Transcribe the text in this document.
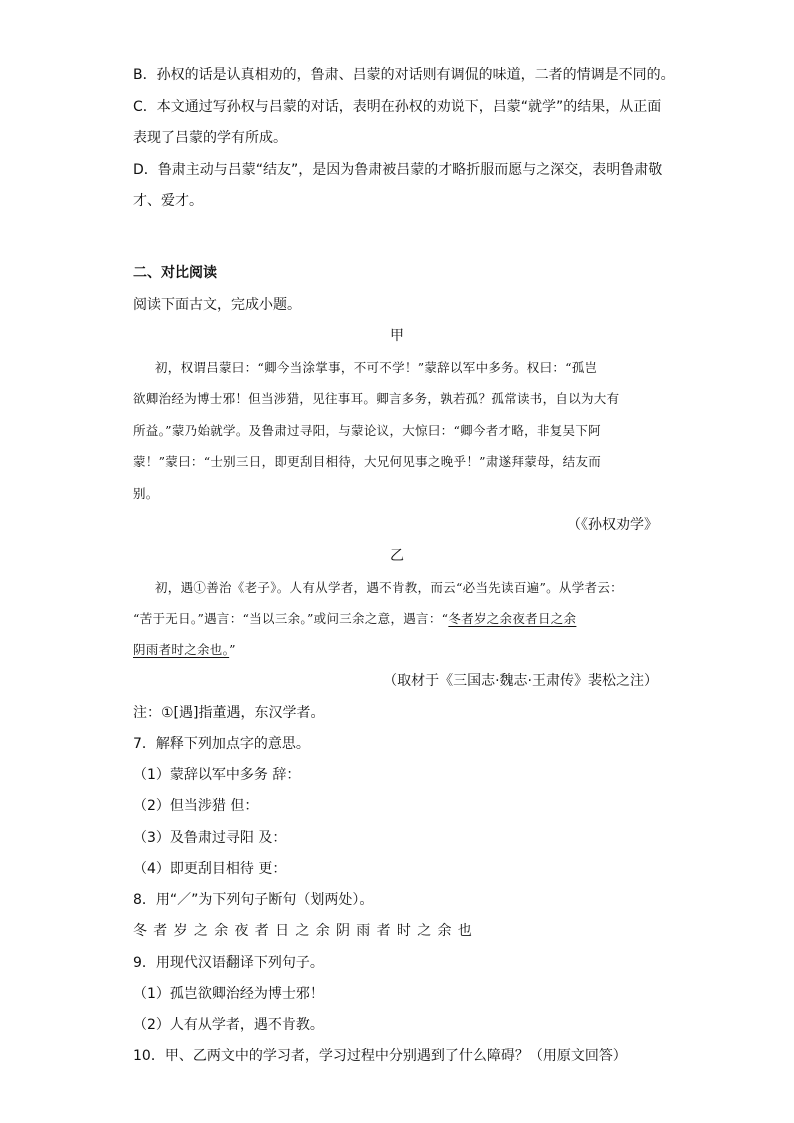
B．孙权的话是认真相劝的，鲁肃、吕蒙的对话则有调侃的味道，二者的情调是不同的。
C．本文通过写孙权与吕蒙的对话，表明在孙权的劝说下，吕蒙“就学”的结果，从正面
表现了吕蒙的学有所成。
D．鲁肃主动与吕蒙“结友”，是因为鲁肃被吕蒙的才略折服而愿与之深交，表明鲁肃敬
才、爱才。
二、对比阅读
阅读下面古文，完成小题。
甲
初，权谓吕蒙曰：“卿今当涂掌事，不可不学！”蒙辞以军中多务。权曰：“孤岂
欲卿治经为博士邪！但当涉猎，见往事耳。卿言多务，孰若孤？孤常读书，自以为大有
所益。”蒙乃始就学。及鲁肃过寻阳，与蒙论议，大惊曰：“卿今者才略，非复吴下阿
蒙！”蒙曰：“士别三日，即更刮目相待，大兄何见事之晚乎！”肃遂拜蒙母，结友而
别。
（《孙权劝学》
乙
初，遇①善治《老子》。人有从学者，遇不肯教，而云“必当先读百遍”。从学者云：
“苦于无日。”遇言：“当以三余。”或问三余之意，遇言：“冬者岁之余夜者日之余
阴雨者时之余也。”
（取材于《三国志·魏志·王肃传》裴松之注）
注：①[遇]指董遇，东汉学者。
7．解释下列加点字的意思。
（1）蒙辞以军中多务 辞：
（2）但当涉猎 但：
（3）及鲁肃过寻阳 及：
（4）即更刮目相待 更：
8．用“／”为下列句子断句（划两处）。
冬者岁之余夜者日之余阴雨者时之余也
9．用现代汉语翻译下列句子。
（1）孤岂欲卿治经为博士邪！
（2）人有从学者，遇不肯教。
10．甲、乙两文中的学习者，学习过程中分别遇到了什么障碍？（用原文回答）
